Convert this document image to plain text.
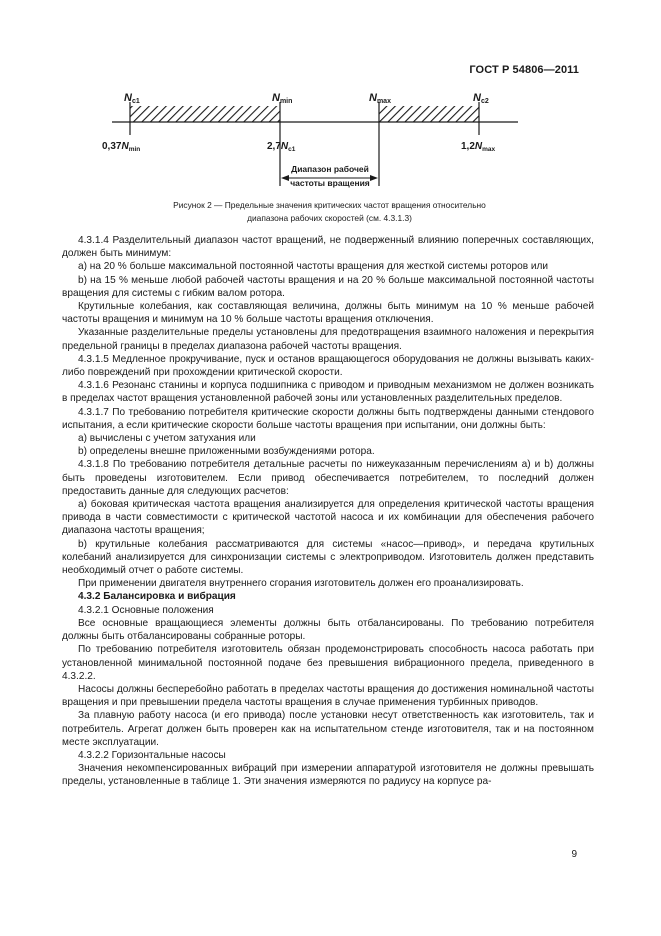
ГОСТ Р 54806—2011
Nc1	Nmin	Nmax	Nc2
$0,37N_{min}$	$2,7N_{c1}$	$1,2N_{max}$
Диапазон рабочей
частоты вращения
Рисунок 2 — Предельные значения критических частот вращения относительно
диапазона рабочих скоростей (см. 4.3.1.3)

4.3.1.4 Разделительный диапазон частот вращений, не подверженный влиянию поперечных составляющих, должен быть минимум:

а) на 20 % больше максимальной постоянной частоты вращения для жесткой системы роторов или

b) на 15 % меньше любой рабочей частоты вращения и на 20 % больше максимальной постоянной частоты вращения для системы с гибким валом ротора.

Крутильные колебания, как составляющая величина, должны быть минимум на 10 % меньше рабочей частоты вращения и минимум на 10 % больше частоты вращения отключения.

Указанные разделительные пределы установлены для предотвращения взаимного наложения и перекрытия предельной границы в пределах диапазона рабочей частоты вращения.

4.3.1.5 Медленное прокручивание, пуск и останов вращающегося оборудования не должны вызывать каких-либо повреждений при прохождении критической скорости.

4.3.1.6 Резонанс станины и корпуса подшипника с приводом и приводным механизмом не должен возникать в пределах частот вращения установленной рабочей зоны или установленных разделительных пределов.

4.3.1.7 По требованию потребителя критические скорости должны быть подтверждены данными стендового испытания, а если критические скорости больше частоты вращения при испытании, они должны быть:

а) вычислены с учетом затухания или

b) определены внешне приложенными возбуждениями ротора.

4.3.1.8 По требованию потребителя детальные расчеты по нижеуказанным перечислениям а) и b) должны быть проведены изготовителем. Если привод обеспечивается потребителем, то последний должен предоставить данные для следующих расчетов:

а) боковая критическая частота вращения анализируется для определения критической частоты вращения привода в части совместимости с критической частотой насоса и их комбинации для обеспечения рабочего диапазона частоты вращения;

b) крутильные колебания рассматриваются для системы «насос—привод», и передача крутильных колебаний анализируется для синхронизации системы с электроприводом. Изготовитель должен представить необходимый отчет о работе системы.

При применении двигателя внутреннего сгорания изготовитель должен его проанализировать.

4.3.2 Балансировка и вибрация

4.3.2.1 Основные положения

Все основные вращающиеся элементы должны быть отбалансированы. По требованию потребителя должны быть отбалансированы собранные роторы.

По требованию потребителя изготовитель обязан продемонстрировать способность насоса работать при установленной минимальной постоянной подаче без превышения вибрационного предела, приведенного в 4.3.2.2.

Насосы должны бесперебойно работать в пределах частоты вращения до достижения номинальной частоты вращения и при превышении предела частоты вращения в случае применения турбинных приводов.

За плавную работу насоса (и его привода) после установки несут ответственность как изготовитель, так и потребитель. Агрегат должен быть проверен как на испытательном стенде изготовителя, так и на постоянном месте эксплуатации.

4.3.2.2 Горизонтальные насосы

Значения некомпенсированных вибраций при измерении аппаратурой изготовителя не должны превышать пределы, установленные в таблице 1. Эти значения измеряются по радиусу на корпусе ра-

9
